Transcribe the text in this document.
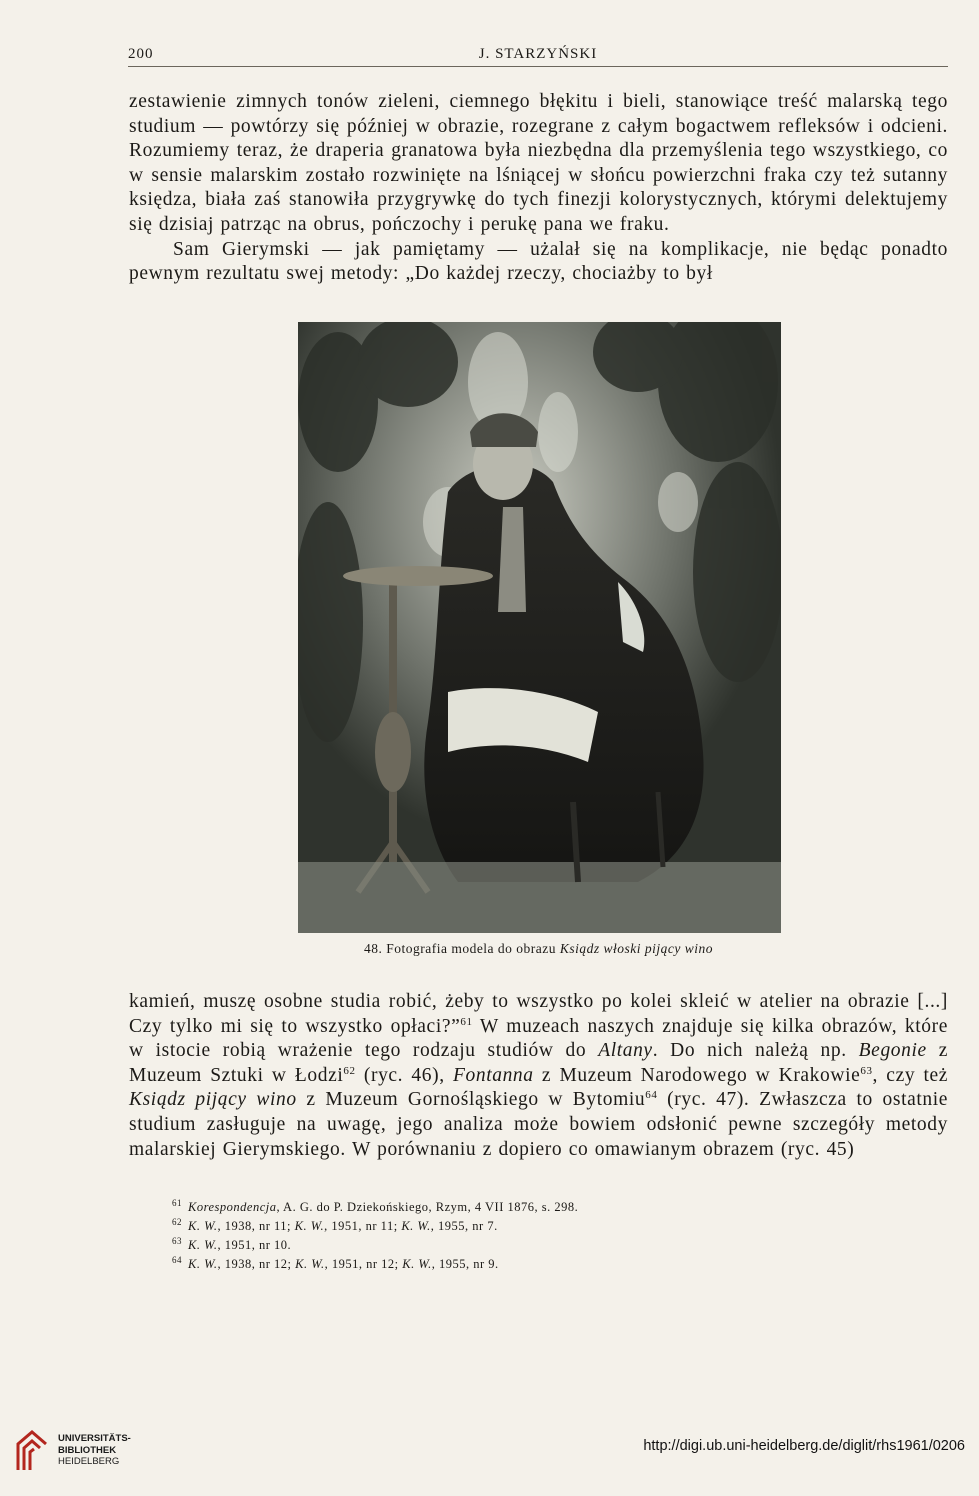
200	J. STARZYŃSKI

zestawienie zimnych tonów zieleni, ciemnego błękitu i bieli, stanowiące treść malarską tego studium — powtórzy się później w obrazie, rozegrane z całym bogactwem refleksów i odcieni. Rozumiemy teraz, że draperia granatowa była niezbędna dla przemyślenia tego wszystkiego, co w sensie malarskim zostało rozwinięte na lśniącej w słońcu powierzchni fraka czy też sutanny księdza, biała zaś stanowiła przygrywkę do tych finezji kolorystycznych, którymi delektujemy się dzisiaj patrząc na obrus, pończochy i perukę pana we fraku.

Sam Gierymski — jak pamiętamy — użalał się na komplikacje, nie będąc ponadto pewnym rezultatu swej metody: „Do każdej rzeczy, chociażby to był

48. Fotografia modela do obrazu Ksiądz włoski pijący wino

kamień, muszę osobne studia robić, żeby to wszystko po kolei skleić w atelier na obrazie [...] Czy tylko mi się to wszystko opłaci?”$^{61}$ W muzeach naszych znajduje się kilka obrazów, które w istocie robią wrażenie tego rodzaju studiów do Altany. Do nich należą np. Begonie z Muzeum Sztuki w Łodzi$^{62}$ (ryc. 46), Fontanna z Muzeum Narodowego w Krakowie$^{63}$, czy też Ksiądz pijący wino z Muzeum Gornośląskiego w Bytomiu$^{64}$ (ryc. 47). Zwłaszcza to ostatnie studium zasługuje na uwagę, jego analiza może bowiem odsłonić pewne szczegóły metody malarskiej Gierymskiego. W porównaniu z dopiero co omawianym obrazem (ryc. 45)

$^{61}$ Korespondencja, A. G. do P. Dziekońskiego, Rzym, 4 VII 1876, s. 298.
$^{62}$ K. W., 1938, nr 11; K. W., 1951, nr 11; K. W., 1955, nr 7.
$^{63}$ K. W., 1951, nr 10.
$^{64}$ K. W., 1938, nr 12; K. W., 1951, nr 12; K. W., 1955, nr 9.
UNIVERSITÄTS-
BIBLIOTHEK
HEIDELBERG
http://digi.ub.uni-heidelberg.de/diglit/rhs1961/0206
